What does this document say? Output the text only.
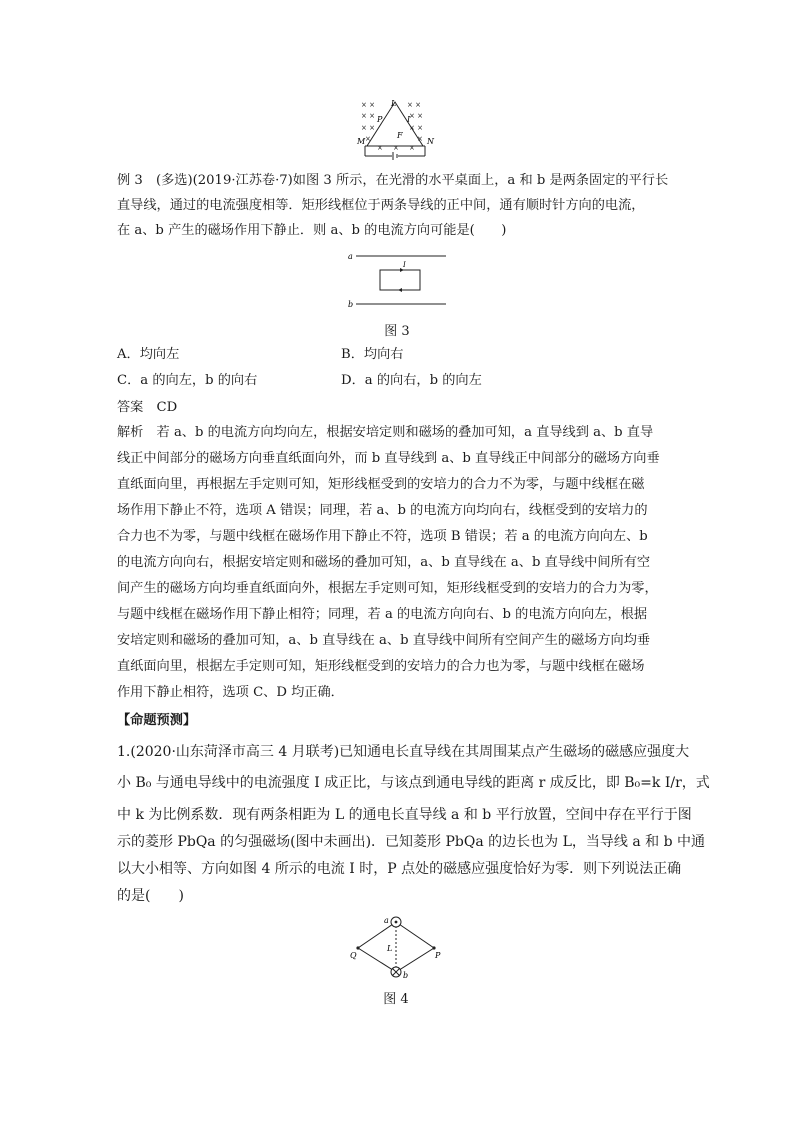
× ×	× ×
× ×	× ×
× ×	× ×
×	×
× × ×
L
P	I
F
M	N
例 3　(多选)(2019·江苏卷·7)如图 3 所示，在光滑的水平桌面上，a 和 b 是两条固定的平行长
直导线，通过的电流强度相等．矩形线框位于两条导线的正中间，通有顺时针方向的电流，
在 a、b 产生的磁场作用下静止．则 a、b 的电流方向可能是(　　)
a
b
I
图 3
A．均向左	B．均向右
C．a 的向左，b 的向右	D．a 的向右，b 的向左
答案　CD
解析　若 a、b 的电流方向均向左，根据安培定则和磁场的叠加可知，a 直导线到 a、b 直导
线正中间部分的磁场方向垂直纸面向外，而 b 直导线到 a、b 直导线正中间部分的磁场方向垂
直纸面向里，再根据左手定则可知，矩形线框受到的安培力的合力不为零，与题中线框在磁
场作用下静止不符，选项 A 错误；同理，若 a、b 的电流方向均向右，线框受到的安培力的
合力也不为零，与题中线框在磁场作用下静止不符，选项 B 错误；若 a 的电流方向向左、b
的电流方向向右，根据安培定则和磁场的叠加可知，a、b 直导线在 a、b 直导线中间所有空
间产生的磁场方向均垂直纸面向外，根据左手定则可知，矩形线框受到的安培力的合力为零，
与题中线框在磁场作用下静止相符；同理，若 a 的电流方向向右、b 的电流方向向左，根据
安培定则和磁场的叠加可知，a、b 直导线在 a、b 直导线中间所有空间产生的磁场方向均垂
直纸面向里，根据左手定则可知，矩形线框受到的安培力的合力也为零，与题中线框在磁场
作用下静止相符，选项 C、D 均正确．
【命题预测】
1.(2020·山东菏泽市高三 4 月联考)已知通电长直导线在其周围某点产生磁场的磁感应强度大
小 B₀ 与通电导线中的电流强度 I 成正比，与该点到通电导线的距离 r 成反比，即 B₀=k I/r，式
中 k 为比例系数．现有两条相距为 L 的通电长直导线 a 和 b 平行放置，空间中存在平行于图
示的菱形 PbQa 的匀强磁场(图中未画出)．已知菱形 PbQa 的边长也为 L，当导线 a 和 b 中通
以大小相等、方向如图 4 所示的电流 I 时，P 点处的磁感应强度恰好为零．则下列说法正确
的是(　　)
a
b
L
Q	P
图 4
